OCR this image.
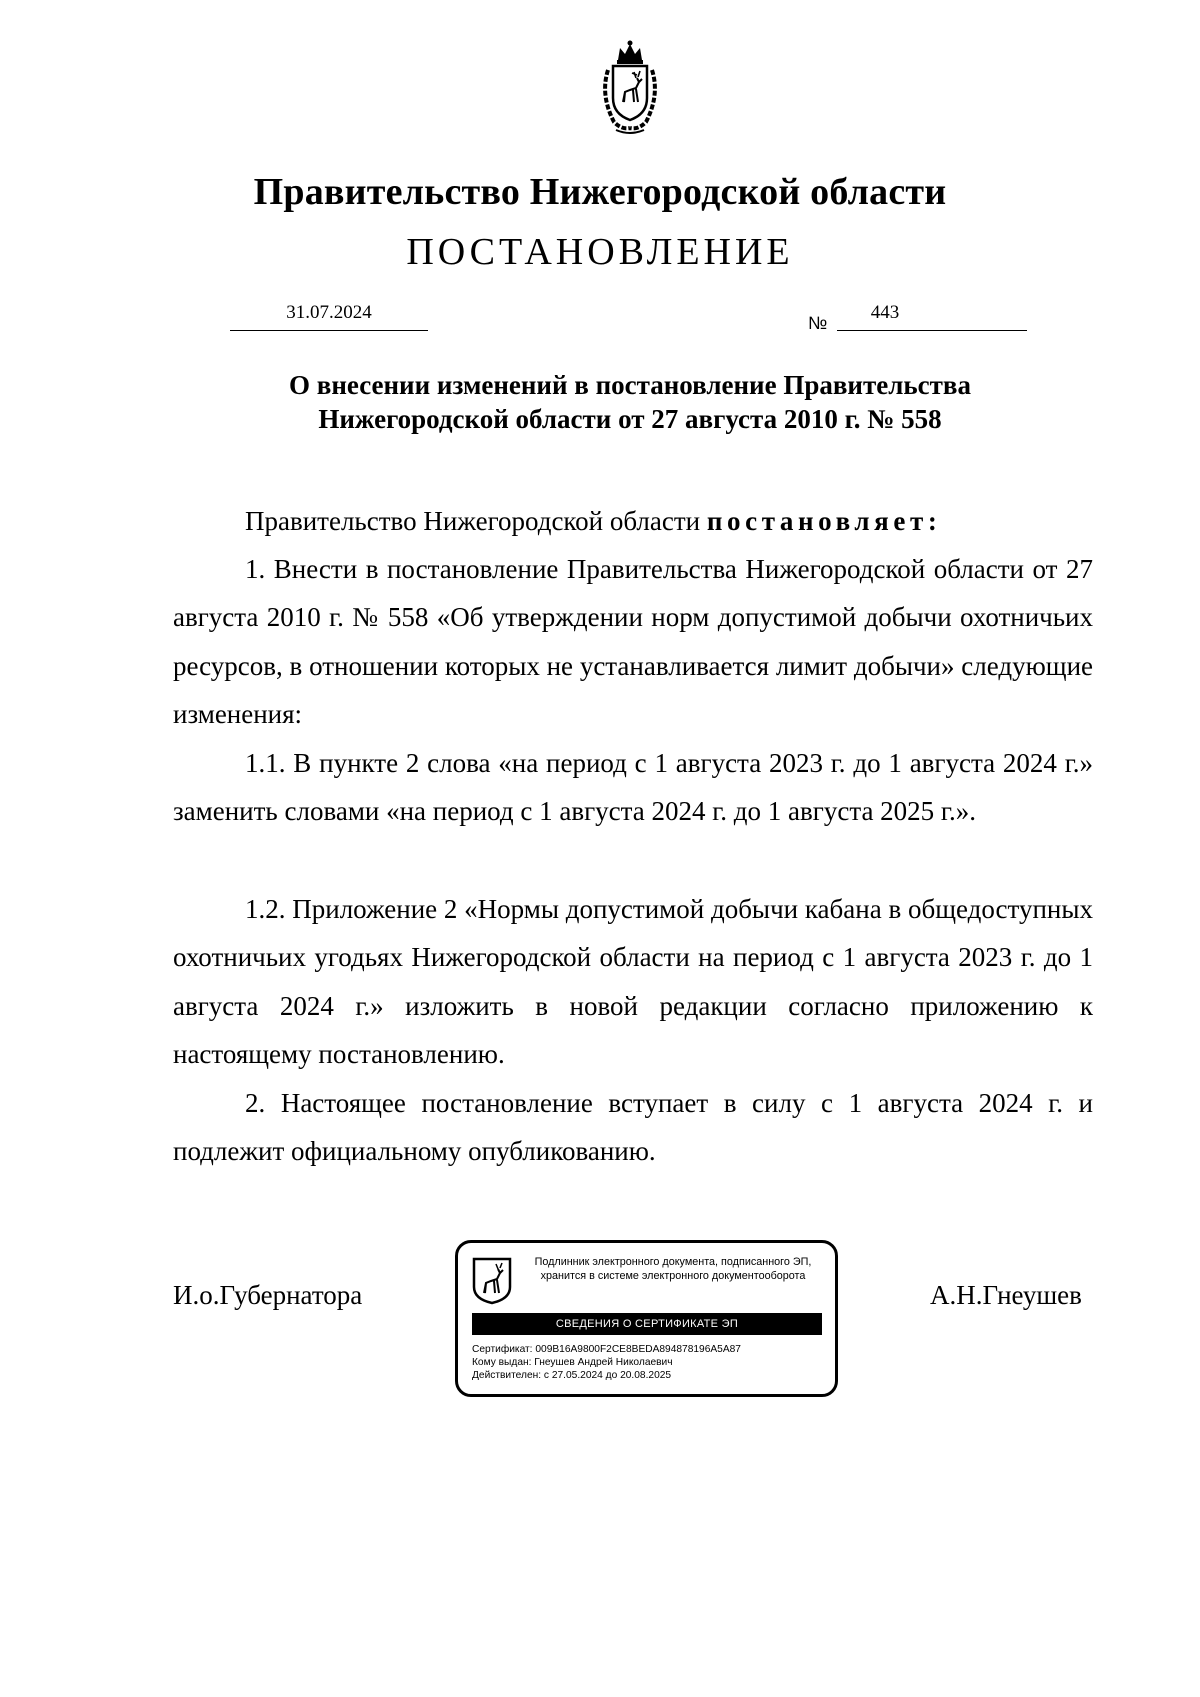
Правительство Нижегородской области
ПОСТАНОВЛЕНИЕ
31.07.2024	№	443
О внесении изменений в постановление Правительства
Нижегородской области от 27 августа 2010 г. № 558

Правительство Нижегородской области постановляет:

1. Внести в постановление Правительства Нижегородской области от 27 августа 2010 г. № 558 «Об утверждении норм допустимой добычи охотничьих ресурсов, в отношении которых не устанавливается лимит добычи» следующие изменения:

1.1. В пункте 2 слова «на период с 1 августа 2023 г. до 1 августа 2024 г.» заменить словами «на период с 1 августа 2024 г. до 1 августа 2025 г.».

1.2. Приложение 2 «Нормы допустимой добычи кабана в общедоступных охотничьих угодьях Нижегородской области на период с 1 августа 2023 г. до 1 августа 2024 г.» изложить в новой редакции согласно приложению к настоящему постановлению.

2. Настоящее постановление вступает в силу с 1 августа 2024 г. и подлежит официальному опубликованию.

И.о.Губернатора	А.Н.Гнеушев
Подлинник электронного документа, подписанного ЭП,
хранится в системе электронного документооборота
СВЕДЕНИЯ О СЕРТИФИКАТЕ ЭП
Сертификат: 009B16A9800F2CE8BEDA894878196A5A87
Кому выдан: Гнеушев Андрей Николаевич
Действителен: с 27.05.2024 до 20.08.2025
